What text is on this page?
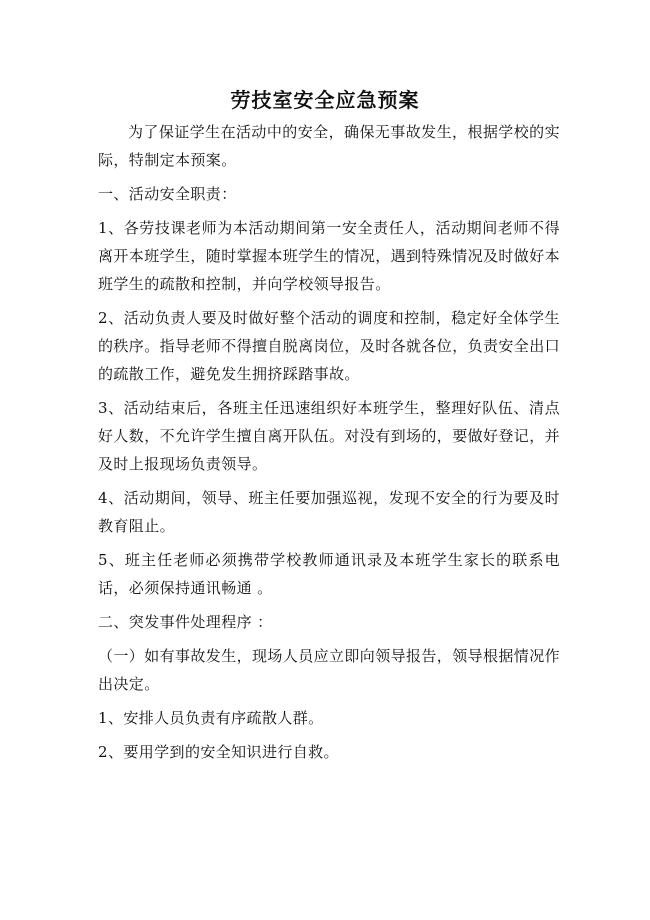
劳技室安全应急预案

为了保证学生在活动中的安全，确保无事故发生，根据学校的实际，特制定本预案。

一、活动安全职责：

1、各劳技课老师为本活动期间第一安全责任人，活动期间老师不得离开本班学生，随时掌握本班学生的情况，遇到特殊情况及时做好本班学生的疏散和控制，并向学校领导报告。

2、活动负责人要及时做好整个活动的调度和控制，稳定好全体学生的秩序。指导老师不得擅自脱离岗位，及时各就各位，负责安全出口的疏散工作，避免发生拥挤踩踏事故。

3、活动结束后，各班主任迅速组织好本班学生，整理好队伍、清点好人数，不允许学生擅自离开队伍。对没有到场的，要做好登记，并及时上报现场负责领导。

4、活动期间，领导、班主任要加强巡视，发现不安全的行为要及时教育阻止。

5、班主任老师必须携带学校教师通讯录及本班学生家长的联系电话，必须保持通讯畅通 。

二、突发事件处理程序 ：

（一）如有事故发生，现场人员应立即向领导报告，领导根据情况作出决定。

1、安排人员负责有序疏散人群。

2、要用学到的安全知识进行自救。
